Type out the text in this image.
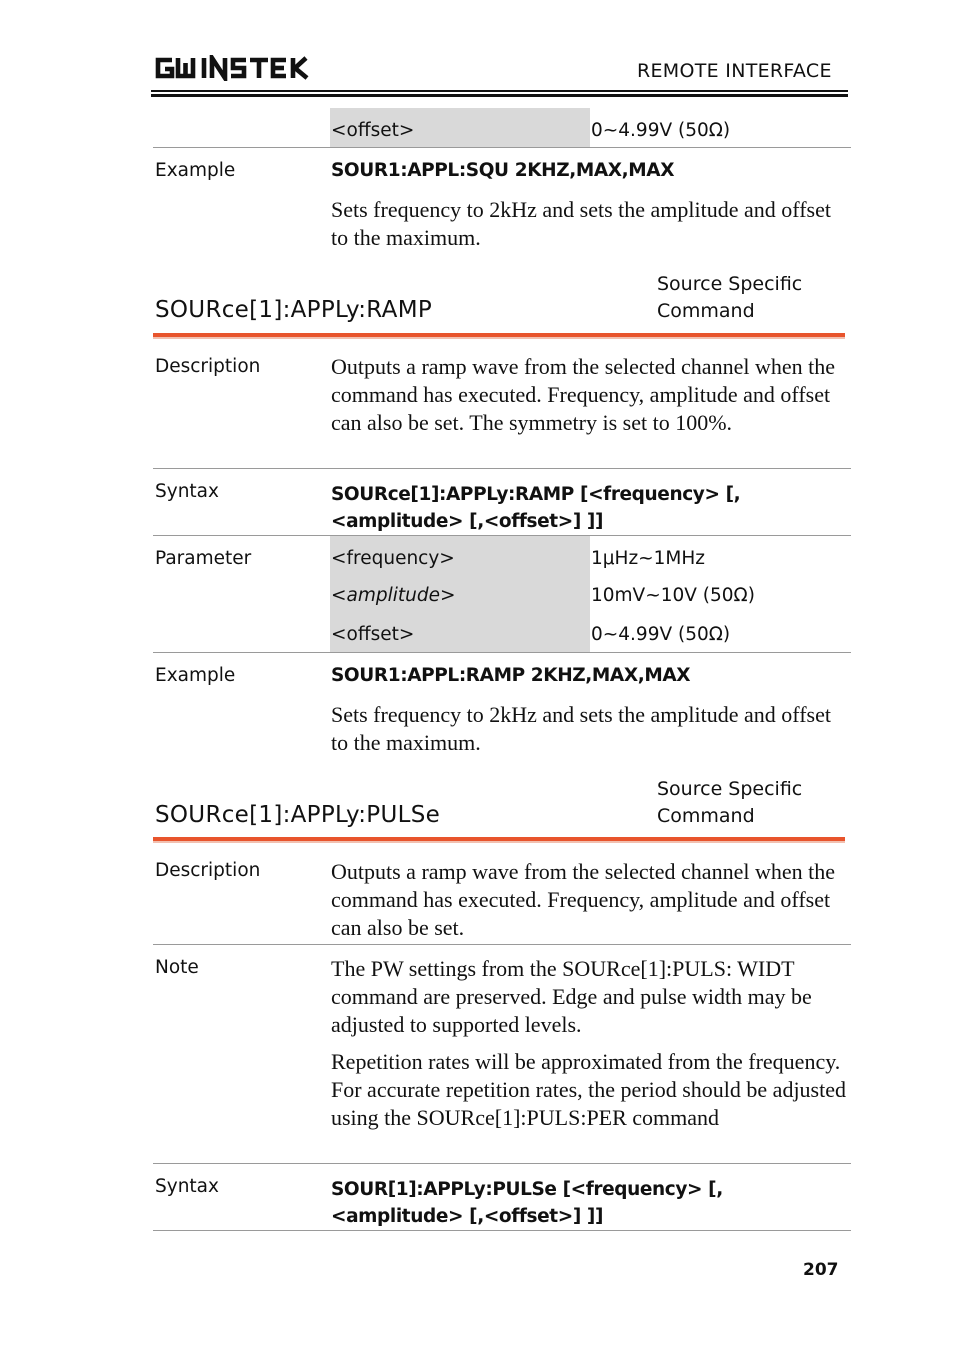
REMOTE INTERFACE
<offset>	0~4.99V (50Ω)
Example	SOUR1:APPL:SQU 2KHZ,MAX,MAX
Sets frequency to 2kHz and sets the amplitude and offset to the maximum.
SOURce[1]:APPLy:RAMP
Source Specific
Command
Description	Outputs a ramp wave from the selected channel when the command has executed. Frequency, amplitude and offset can also be set. The symmetry is set to 100%.
Syntax	SOURce[1]:APPLy:RAMP [<frequency> [,<amplitude> [,<offset>] ]]
Parameter	<frequency>	1μHz~1MHz
<amplitude>	10mV~10V (50Ω)
<offset>	0~4.99V (50Ω)
Example	SOUR1:APPL:RAMP 2KHZ,MAX,MAX
Sets frequency to 2kHz and sets the amplitude and offset to the maximum.
SOURce[1]:APPLy:PULSe
Source Specific
Command
Description	Outputs a ramp wave from the selected channel when the command has executed. Frequency, amplitude and offset can also be set.
Note	The PW settings from the SOURce[1]:PULS: WIDT command are preserved. Edge and pulse width may be adjusted to supported levels.
Repetition rates will be approximated from the frequency. For accurate repetition rates, the period should be adjusted using the SOURce[1]:PULS:PER command
Syntax	SOUR[1]:APPLy:PULSe [<frequency> [,<amplitude> [,<offset>] ]]
207
